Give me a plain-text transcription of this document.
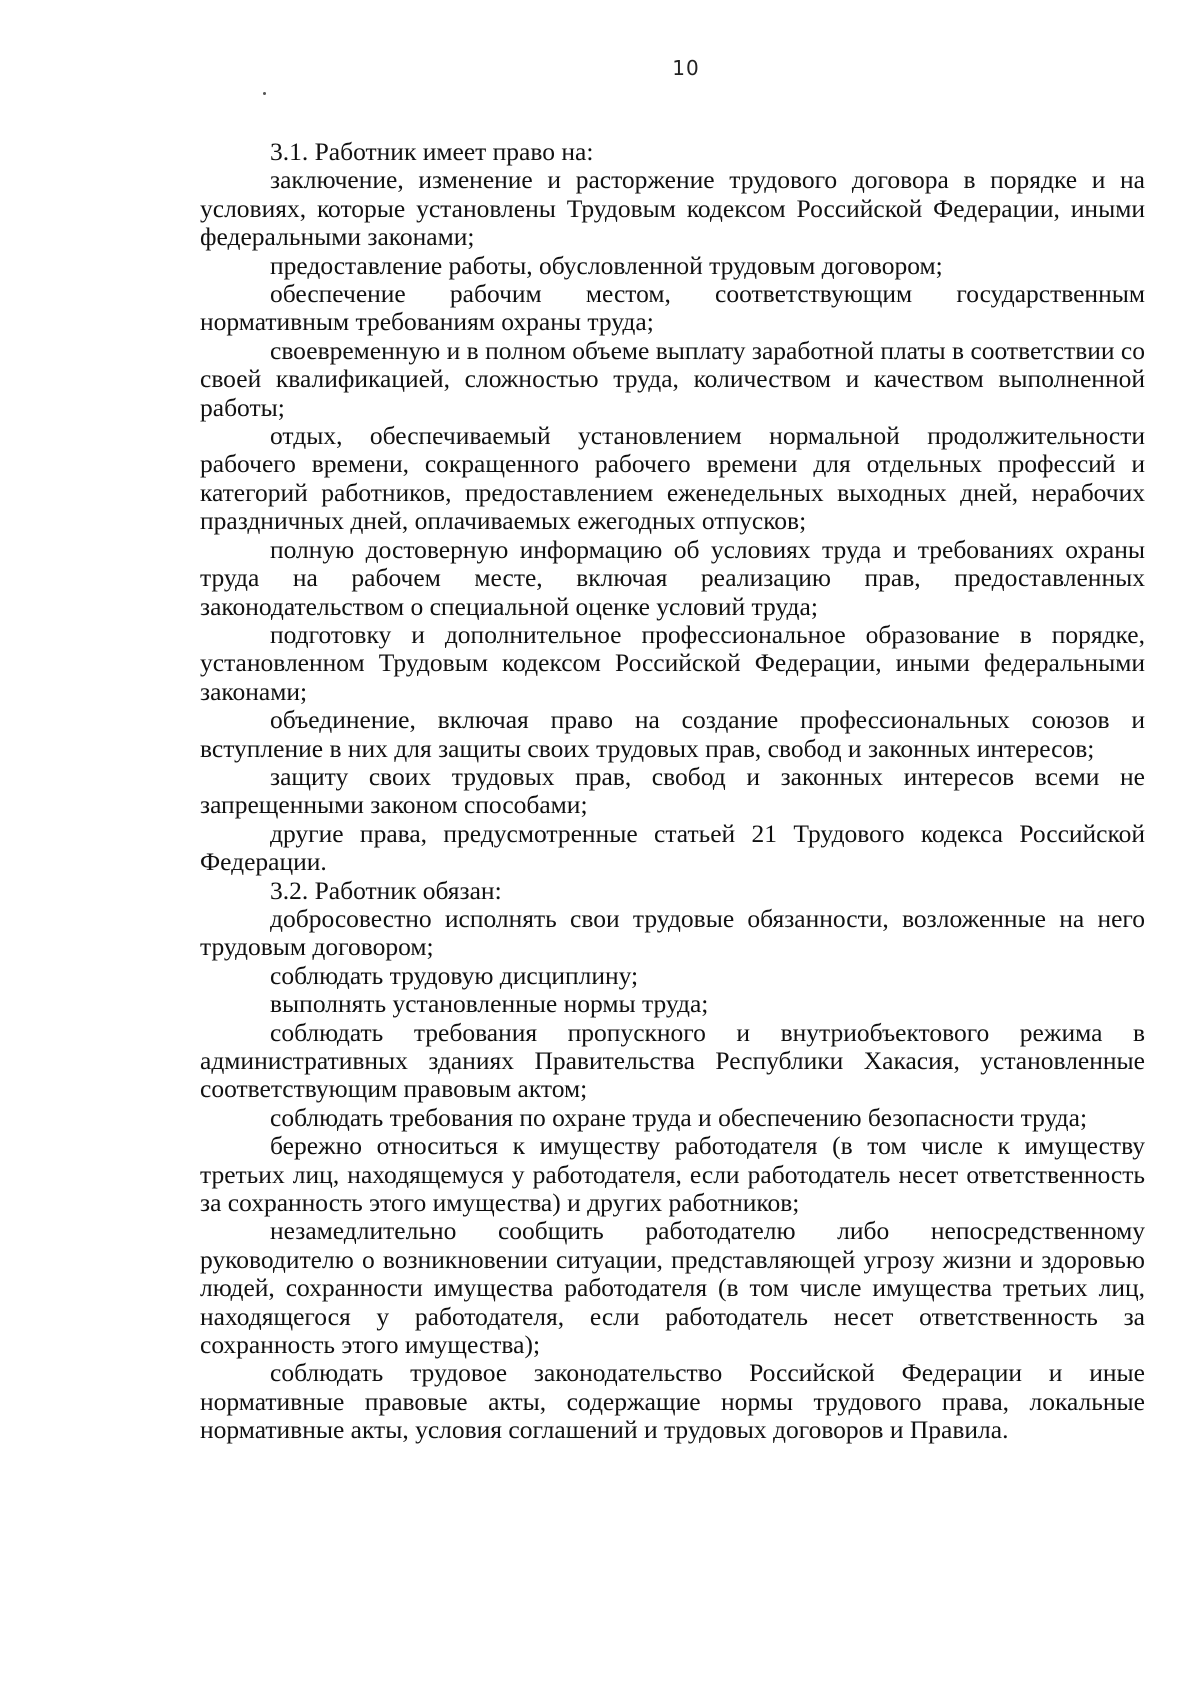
10

3.1. Работник имеет право на:

заключение, изменение и расторжение трудового договора в порядке и на условиях, которые установлены Трудовым кодексом Российской Федерации, иными федеральными законами;

предоставление работы, обусловленной трудовым договором;

обеспечение рабочим местом, соответствующим государственным нормативным требованиям охраны труда;

своевременную и в полном объеме выплату заработной платы в соответствии со своей квалификацией, сложностью труда, количеством и качеством выполненной работы;

отдых, обеспечиваемый установлением нормальной продолжительности рабочего времени, сокращенного рабочего времени для отдельных профессий и категорий работников, предоставлением еженедельных выходных дней, нерабочих праздничных дней, оплачиваемых ежегодных отпусков;

полную достоверную информацию об условиях труда и требованиях охраны труда на рабочем месте, включая реализацию прав, предоставленных законодательством о специальной оценке условий труда;

подготовку и дополнительное профессиональное образование в порядке, установленном Трудовым кодексом Российской Федерации, иными федеральными законами;

объединение, включая право на создание профессиональных союзов и вступление в них для защиты своих трудовых прав, свобод и законных интересов;

защиту своих трудовых прав, свобод и законных интересов всеми не запрещенными законом способами;

другие права, предусмотренные статьей 21 Трудового кодекса Российской Федерации.

3.2. Работник обязан:

добросовестно исполнять свои трудовые обязанности, возложенные на него трудовым договором;

соблюдать трудовую дисциплину;

выполнять установленные нормы труда;

соблюдать требования пропускного и внутриобъектового режима в административных зданиях Правительства Республики Хакасия, установленные соответствующим правовым актом;

соблюдать требования по охране труда и обеспечению безопасности труда;

бережно относиться к имуществу работодателя (в том числе к имуществу третьих лиц, находящемуся у работодателя, если работодатель несет ответственность за сохранность этого имущества) и других работников;

незамедлительно сообщить работодателю либо непосредственному руководителю о возникновении ситуации, представляющей угрозу жизни и здоровью людей, сохранности имущества работодателя (в том числе имущества третьих лиц, находящегося у работодателя, если работодатель несет ответственность за сохранность этого имущества);

соблюдать трудовое законодательство Российской Федерации и иные нормативные правовые акты, содержащие нормы трудового права, локальные нормативные акты, условия соглашений и трудовых договоров и Правила.
